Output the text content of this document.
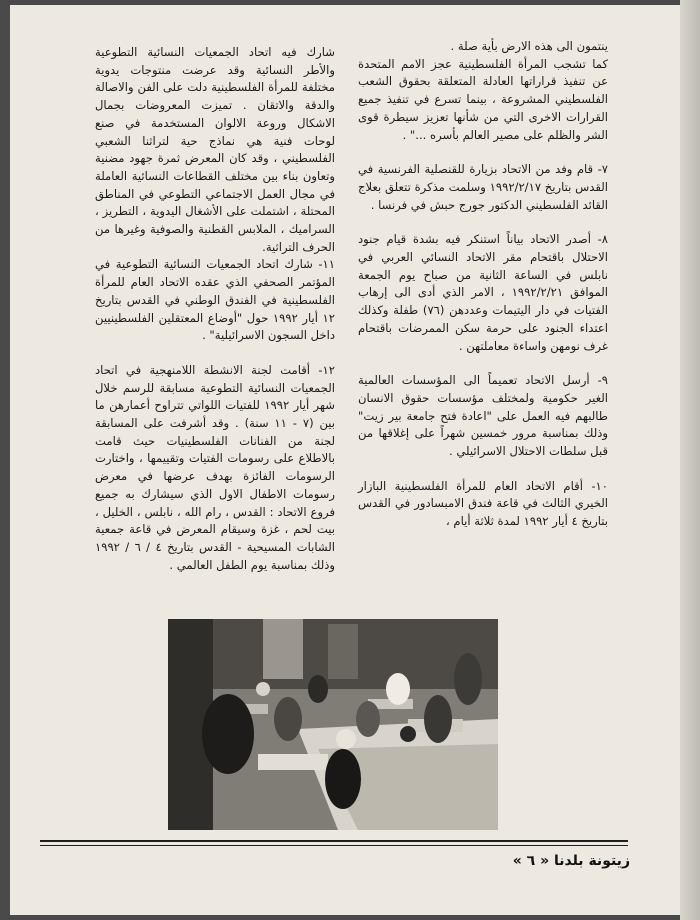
ينتمون الى هذه الارض بأية صلة .
كما تشجب المرأة الفلسطينية عجز الامم المتحدة عن تنفيذ قراراتها العادلة المتعلقة بحقوق الشعب الفلسطيني المشروعة ، بينما تسرع في تنفيذ جميع القرارات الاخرى التي من شأنها تعزيز سيطرة قوى الشر والظلم على مصير العالم بأسره ..." .

٧- قام وفد من الاتحاد بزيارة للقنصلية الفرنسية في القدس بتاريخ ١٩٩٢/٢/١٧ وسلمت مذكرة تتعلق بعلاج القائد الفلسطيني الدكتور جورج حبش في فرنسا .

٨- أصدر الاتحاد بياناً استنكر فيه بشدة قيام جنود الاحتلال باقتحام مقر الاتحاد النسائي العربي في نابلس في الساعة الثانية من صباح يوم الجمعة الموافق ١٩٩٢/٢/٢١ ، الامر الذي أدى الى إرهاب الفتيات في دار اليتيمات وعددهن (٧٦) طفلة وكذلك اعتداء الجنود على حرمة سكن الممرضات باقتحام غرف نومهن واساءة معاملتهن .

٩- أرسل الاتحاد تعميماً الى المؤسسات العالمية الغير حكومية ولمختلف مؤسسات حقوق الانسان طالبهم فيه العمل على "اعادة فتح جامعة بير زيت" وذلك بمناسبة مرور خمسين شهراً على إغلاقها من قبل سلطات الاحتلال الاسرائيلي .

١٠- أقام الاتحاد العام للمرأة الفلسطينية البازار الخيري الثالث في قاعة فندق الامبسادور في القدس بتاريخ ٤ أيار ١٩٩٢ لمدة ثلاثة أيام ،

شارك فيه اتحاد الجمعيات النسائية التطوعية والأطر النسائية وقد عرضت منتوجات يدوية مختلفة للمرأة الفلسطينية دلت على الفن والاصالة والدقة والاتقان . تميزت المعروضات بجمال الاشكال وروعة الالوان المستخدمة في صنع لوحات فنية هي نماذج حية لتراثنا الشعبي الفلسطيني ، وقد كان المعرض ثمرة جهود مضنية وتعاون بناء بين مختلف القطاعات النسائية العاملة في مجال العمل الاجتماعي التطوعي في المناطق المحتلة ، اشتملت على الأشغال اليدوية ، التطريز ، السراميك ، الملابس القطنية والصوفية وغيرها من الحرف التراثية.
١١- شارك اتحاد الجمعيات النسائية التطوعية في المؤتمر الصحفي الذي عقده الاتحاد العام للمرأة الفلسطينية في الفندق الوطني في القدس بتاريخ ١٢ أيار ١٩٩٢ حول "أوضاع المعتقلين الفلسطينيين داخل السجون الاسرائيلية" .

١٢- أقامت لجنة الانشطة اللامنهجية في اتحاد الجمعيات النسائية التطوعية مسابقة للرسم خلال شهر أيار ١٩٩٢ للفتيات اللواتي تتراوح أعمارهن ما بين (٧ - ١١ سنة) . وقد أشرفت على المسابقة لجنة من الفنانات الفلسطينيات حيث قامت بالاطلاع على رسومات الفتيات وتقييمها ، واختارت الرسومات الفائزة بهدف عرضها في معرض رسومات الاطفال الاول الذي سيشارك به جميع فروع الاتحاد : القدس ، رام الله ، نابلس ، الخليل ، بيت لحم ، غزة وسيقام المعرض في قاعة جمعية الشابات المسيحية - القدس بتاريخ ٤ / ٦ / ١٩٩٢ وذلك بمناسبة يوم الطفل العالمي .

زيتونة بلدنا « ٦ »
